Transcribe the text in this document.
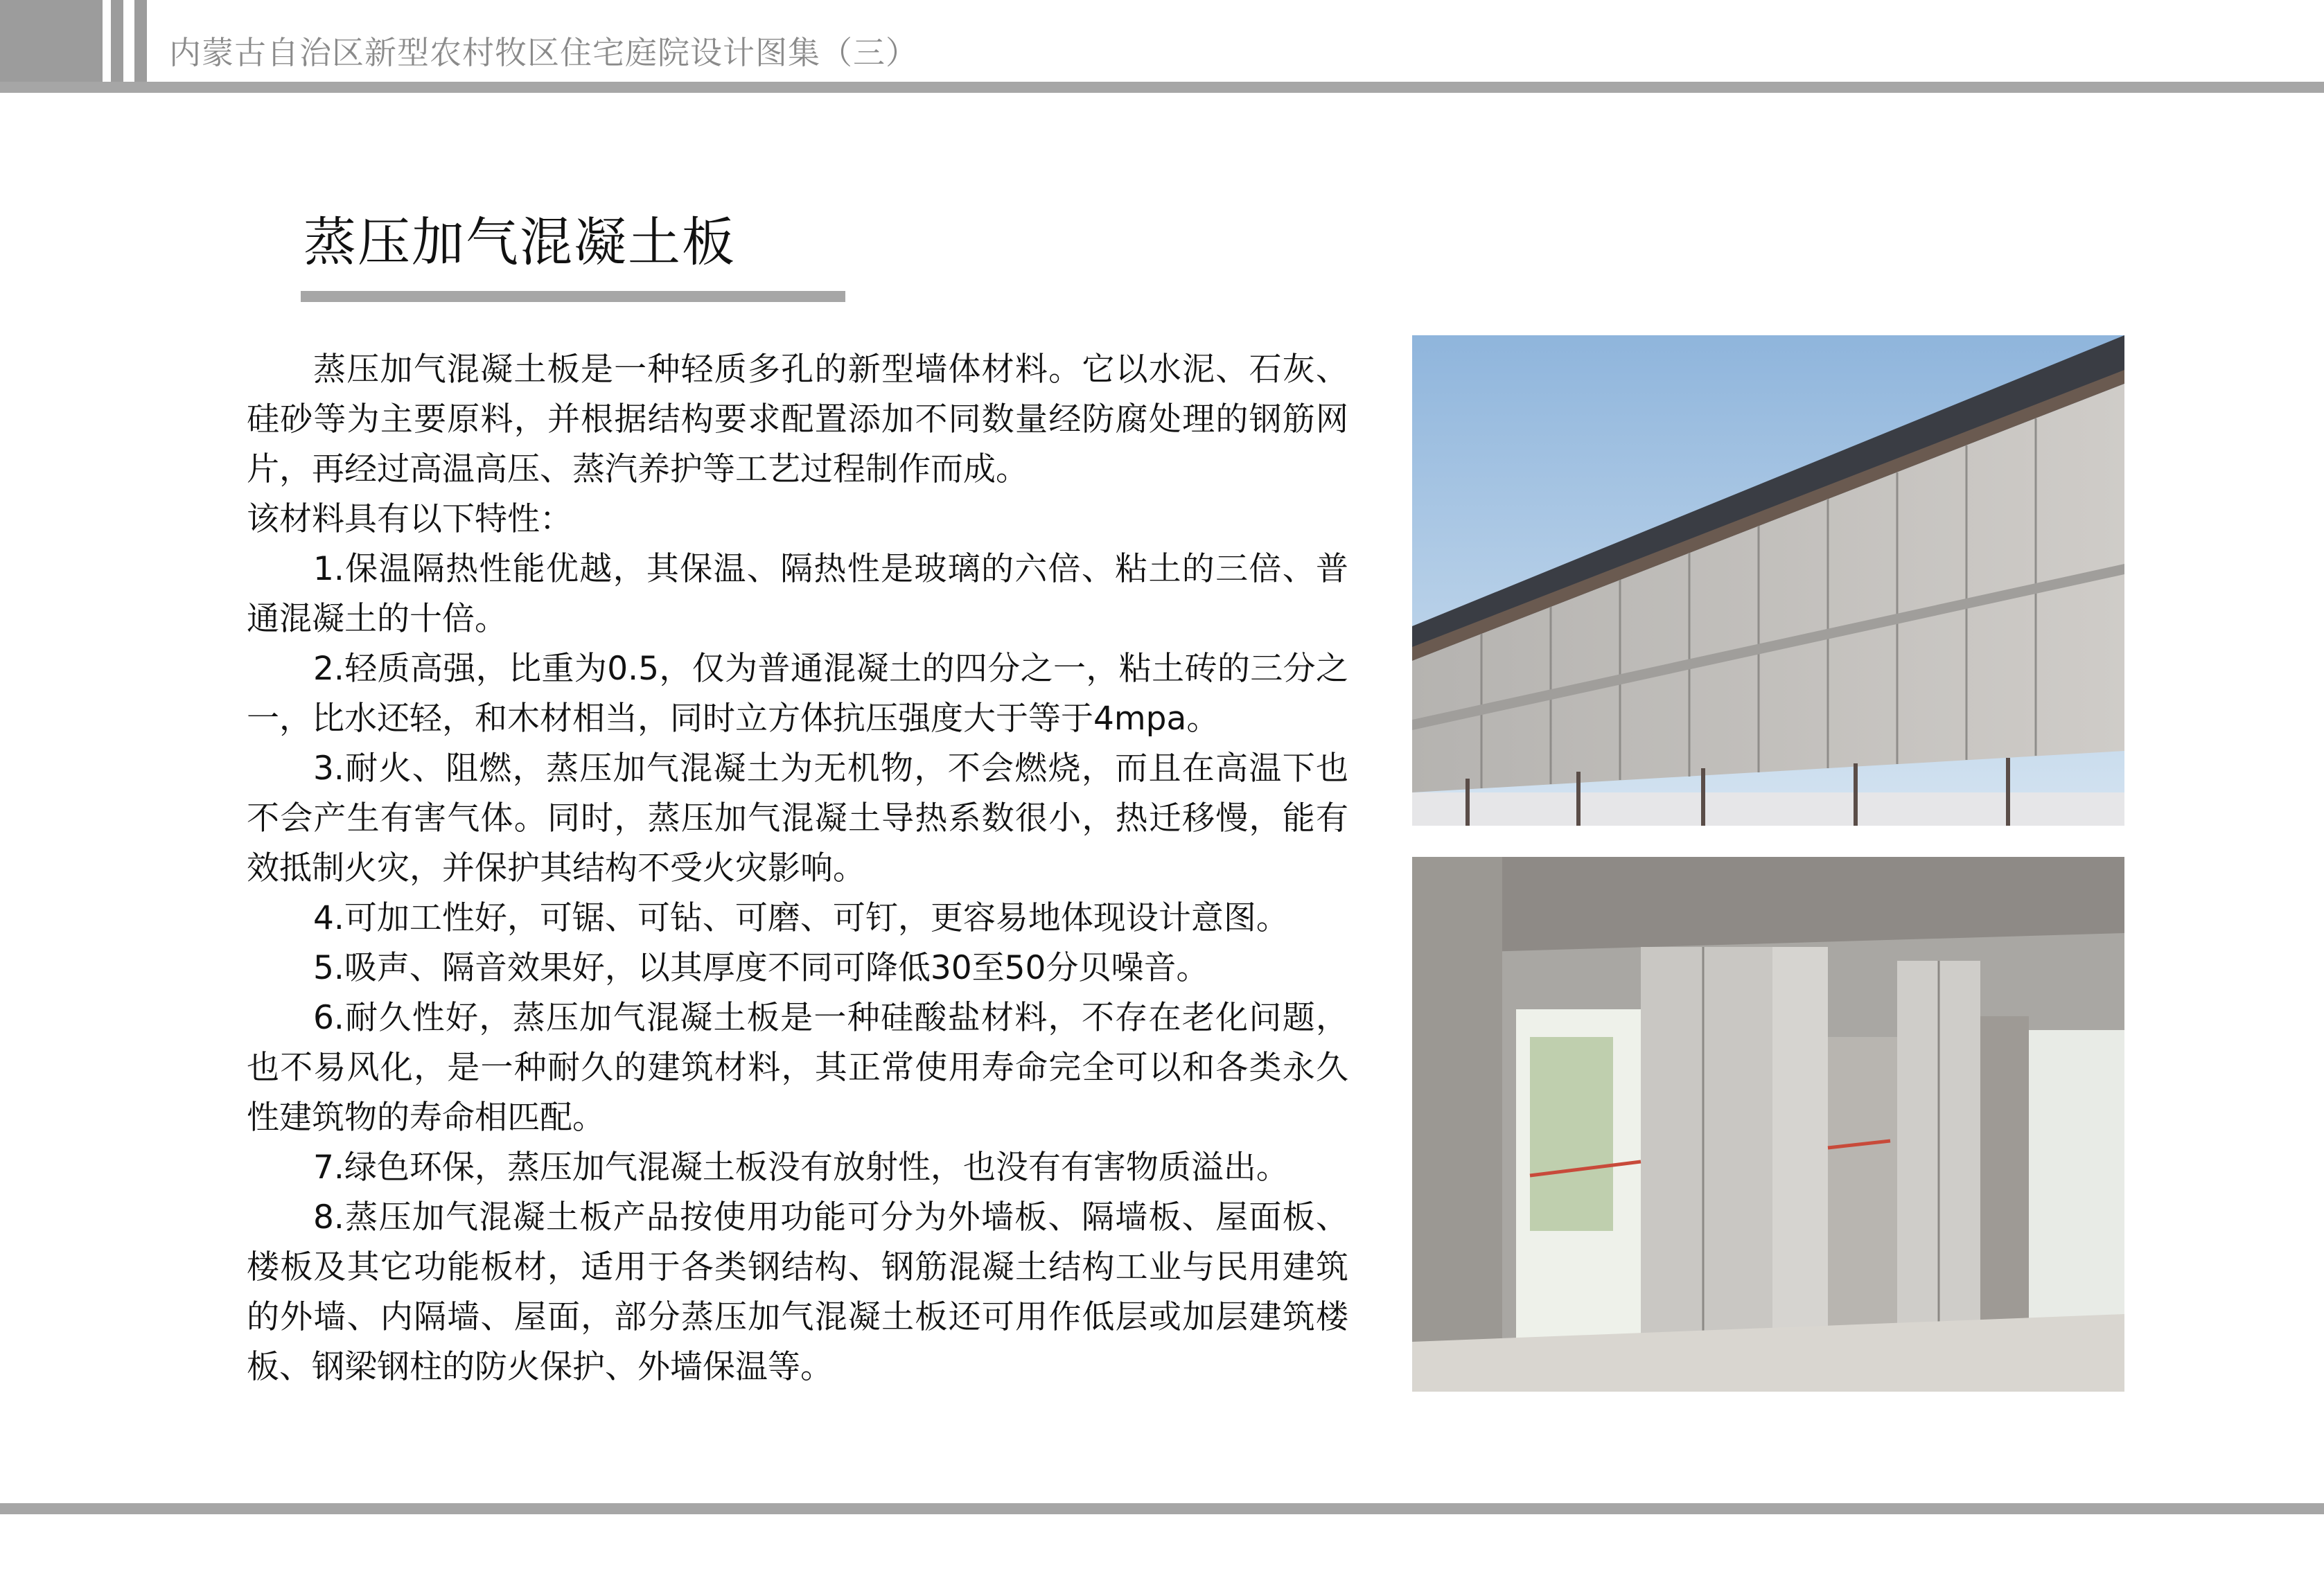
内蒙古自治区新型农村牧区住宅庭院设计图集（三）
蒸压加气混凝土板

蒸压加气混凝土板是一种轻质多孔的新型墙体材料。它以水泥、石灰、硅砂等为主要原料，并根据结构要求配置添加不同数量经防腐处理的钢筋网片，再经过高温高压、蒸汽养护等工艺过程制作而成。

该材料具有以下特性：

1.保温隔热性能优越，其保温、隔热性是玻璃的六倍、粘土的三倍、普通混凝土的十倍。

2.轻质高强，比重为0.5，仅为普通混凝土的四分之一，粘土砖的三分之一，比水还轻，和木材相当，同时立方体抗压强度大于等于4mpa。

3.耐火、阻燃，蒸压加气混凝土为无机物，不会燃烧，而且在高温下也不会产生有害气体。同时，蒸压加气混凝土导热系数很小，热迁移慢，能有效抵制火灾，并保护其结构不受火灾影响。

4.可加工性好，可锯、可钻、可磨、可钉，更容易地体现设计意图。

5.吸声、隔音效果好，以其厚度不同可降低30至50分贝噪音。

6.耐久性好，蒸压加气混凝土板是一种硅酸盐材料，不存在老化问题，也不易风化，是一种耐久的建筑材料，其正常使用寿命完全可以和各类永久性建筑物的寿命相匹配。

7.绿色环保，蒸压加气混凝土板没有放射性，也没有有害物质溢出。

8.蒸压加气混凝土板产品按使用功能可分为外墙板、隔墙板、屋面板、楼板及其它功能板材，适用于各类钢结构、钢筋混凝土结构工业与民用建筑的外墙、内隔墙、屋面，部分蒸压加气混凝土板还可用作低层或加层建筑楼板、钢梁钢柱的防火保护、外墙保温等。
